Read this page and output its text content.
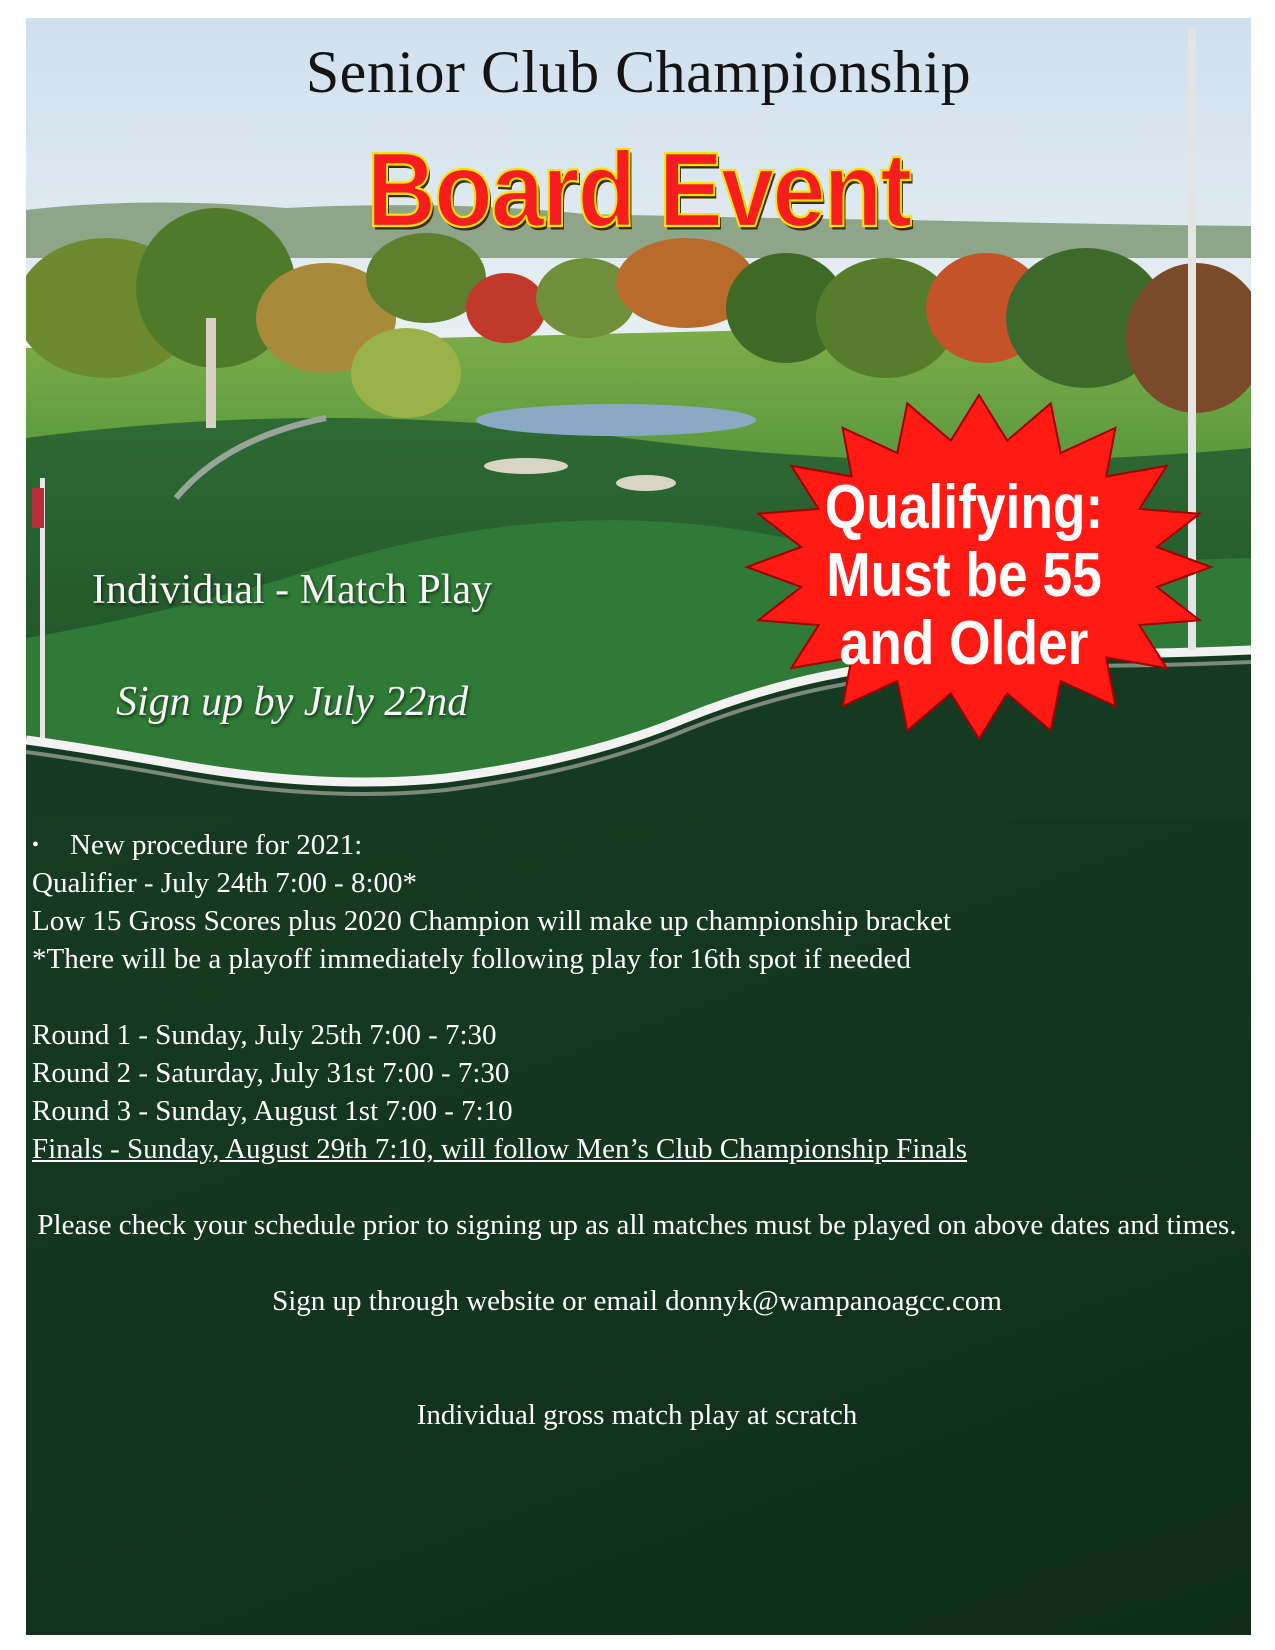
Senior Club Championship
Board Event

Individual - Match Play

Sign up by July 22nd

Qualifying:
Must be 55
and Older

• New procedure for 2021:

Qualifier - July 24th 7:00 - 8:00*

Low 15 Gross Scores plus 2020 Champion will make up championship bracket

*There will be a playoff immediately following play for 16th spot if needed

Round 1 - Sunday, July 25th 7:00 - 7:30

Round 2 - Saturday, July 31st 7:00 - 7:30

Round 3 - Sunday, August 1st 7:00 - 7:10

Finals - Sunday, August 29th 7:10, will follow Men’s Club Championship Finals

Please check your schedule prior to signing up as all matches must be played on above dates and times.

Sign up through website or email donnyk@wampanoagcc.com

Individual gross match play at scratch
